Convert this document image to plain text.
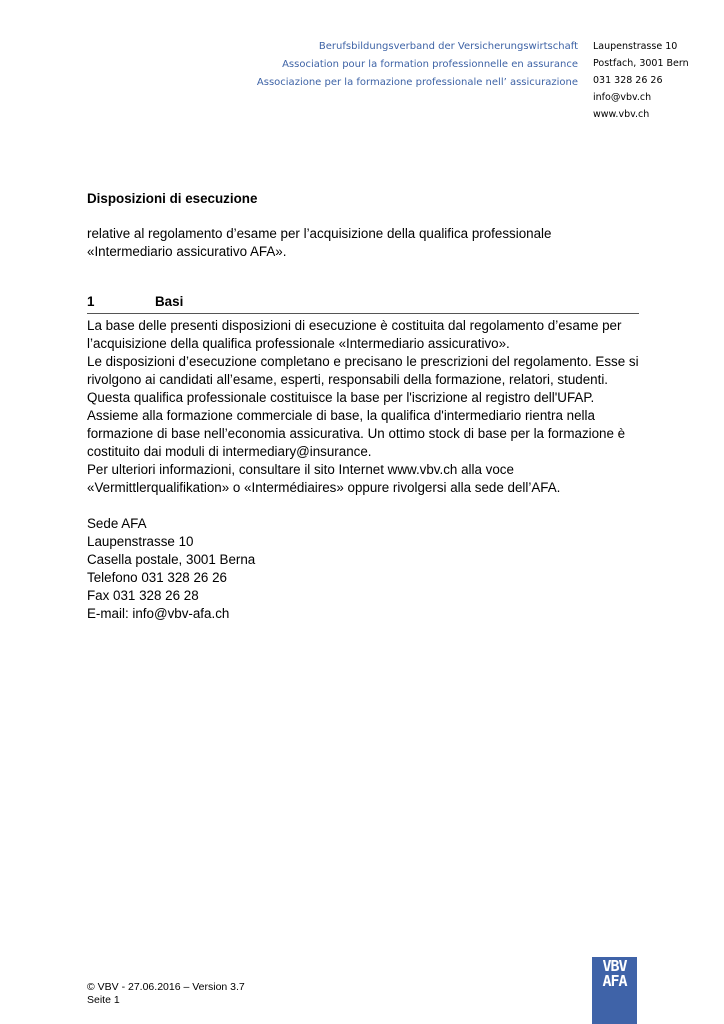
Berufsbildungsverband der Versicherungswirtschaft
Association pour la formation professionnelle en assurance
Associazione per la formazione professionale nell’ assicurazione
Laupenstrasse 10
Postfach, 3001 Bern
031 328 26 26
info@vbv.ch
www.vbv.ch
Disposizioni di esecuzione
relative al regolamento d’esame per l’acquisizione della qualifica professionale
«Intermediario assicurativo AFA».
1	Basi
La base delle presenti disposizioni di esecuzione è costituita dal regolamento d’esame per
l’acquisizione della qualifica professionale «Intermediario assicurativo».
Le disposizioni d’esecuzione completano e precisano le prescrizioni del regolamento. Esse si
rivolgono ai candidati all’esame, esperti, responsabili della formazione, relatori, studenti.
Questa qualifica professionale costituisce la base per l'iscrizione al registro dell'UFAP.
Assieme alla formazione commerciale di base, la qualifica d'intermediario rientra nella
formazione di base nell’economia assicurativa. Un ottimo stock di base per la formazione è
costituito dai moduli di intermediary@insurance.
Per ulteriori informazioni, consultare il sito Internet www.vbv.ch alla voce
«Vermittlerqualifikation» o «Intermédiaires» oppure rivolgersi alla sede dell’AFA.
Sede AFA
Laupenstrasse 10
Casella postale, 3001 Berna
Telefono 031 328 26 26
Fax 031 328 26 28
E-mail: info@vbv-afa.ch
© VBV - 27.06.2016 – Version 3.7
Seite 1
VBV
AFA
